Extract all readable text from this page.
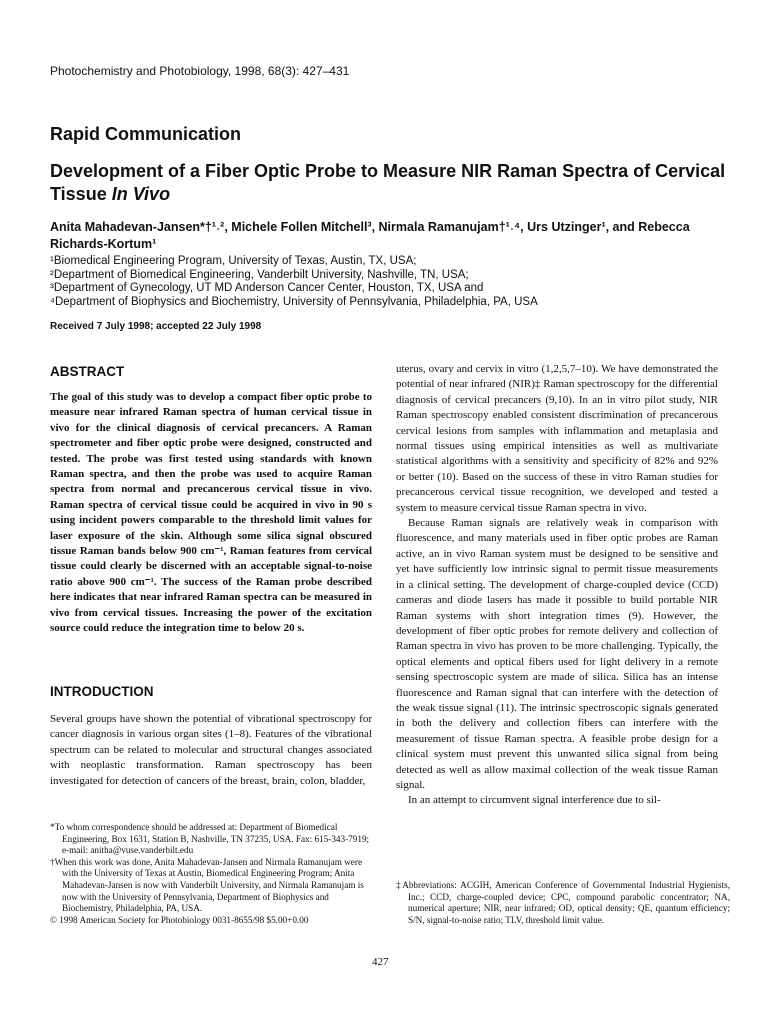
Photochemistry and Photobiology, 1998, 68(3): 427–431
Rapid Communication
Development of a Fiber Optic Probe to Measure NIR Raman Spectra of Cervical Tissue In Vivo
Anita Mahadevan-Jansen*†¹˒², Michele Follen Mitchell³, Nirmala Ramanujam†¹˒⁴, Urs Utzinger¹, and Rebecca Richards-Kortum¹
¹Biomedical Engineering Program, University of Texas, Austin, TX, USA;
²Department of Biomedical Engineering, Vanderbilt University, Nashville, TN, USA;
³Department of Gynecology, UT MD Anderson Cancer Center, Houston, TX, USA and
⁴Department of Biophysics and Biochemistry, University of Pennsylvania, Philadelphia, PA, USA
Received 7 July 1998; accepted 22 July 1998
ABSTRACT
The goal of this study was to develop a compact fiber optic probe to measure near infrared Raman spectra of human cervical tissue in vivo for the clinical diagnosis of cervical precancers. A Raman spectrometer and fiber optic probe were designed, constructed and tested. The probe was first tested using standards with known Raman spectra, and then the probe was used to acquire Raman spectra from normal and precancerous cervical tissue in vivo. Raman spectra of cervical tissue could be acquired in vivo in 90 s using incident powers comparable to the threshold limit values for laser exposure of the skin. Although some silica signal obscured tissue Raman bands below 900 cm⁻¹, Raman features from cervical tissue could clearly be discerned with an acceptable signal-to-noise ratio above 900 cm⁻¹. The success of the Raman probe described here indicates that near infrared Raman spectra can be measured in vivo from cervical tissues. Increasing the power of the excitation source could reduce the integration time to below 20 s.
INTRODUCTION
Several groups have shown the potential of vibrational spectroscopy for cancer diagnosis in various organ sites (1–8). Features of the vibrational spectrum can be related to molecular and structural changes associated with neoplastic transformation. Raman spectroscopy has been investigated for detection of cancers of the breast, brain, colon, bladder,

*To whom correspondence should be addressed at: Department of Biomedical Engineering, Box 1631, Station B, Nashville, TN 37235, USA. Fax: 615-343-7919; e-mail: anitha@vuse.vanderbilt.edu

†When this work was done, Anita Mahadevan-Jansen and Nirmala Ramanujam were with the University of Texas at Austin, Biomedical Engineering Program; Anita Mahadevan-Jansen is now with Vanderbilt University, and Nirmala Ramanujam is now with the University of Pennsylvania, Department of Biophysics and Biochemistry, Philadelphia, PA, USA.

© 1998 American Society for Photobiology 0031-8655/98 $5.00+0.00

uterus, ovary and cervix in vitro (1,2,5,7–10). We have demonstrated the potential of near infrared (NIR)‡ Raman spectroscopy for the differential diagnosis of cervical precancers (9,10). In an in vitro pilot study, NIR Raman spectroscopy enabled consistent discrimination of precancerous cervical lesions from samples with inflammation and metaplasia and normal tissues using empirical intensities as well as multivariate statistical algorithms with a sensitivity and specificity of 82% and 92% or better (10). Based on the success of these in vitro Raman studies for precancerous cervical tissue recognition, we developed and tested a system to measure cervical tissue Raman spectra in vivo.

Because Raman signals are relatively weak in comparison with fluorescence, and many materials used in fiber optic probes are Raman active, an in vivo Raman system must be designed to be sensitive and yet have sufficiently low intrinsic signal to permit tissue measurements in a clinical setting. The development of charge-coupled device (CCD) cameras and diode lasers has made it possible to build portable NIR Raman systems with short integration times (9). However, the development of fiber optic probes for remote delivery and collection of Raman spectra in vivo has proven to be more challenging. Typically, the optical elements and optical fibers used for light delivery in a remote sensing spectroscopic system are made of silica. Silica has an intense fluorescence and Raman signal that can interfere with the detection of the weak tissue signal (11). The intrinsic spectroscopic signals generated in both the delivery and collection fibers can interfere with the measurement of tissue Raman spectra. A feasible probe design for a clinical system must prevent this unwanted silica signal from being detected as well as allow maximal collection of the weak tissue Raman signal.

In an attempt to circumvent signal interference due to sil-

‡Abbreviations: ACGIH, American Conference of Governmental Industrial Hygienists, Inc.; CCD, charge-coupled device; CPC, compound parabolic concentrator; NA, numerical aperture; NIR, near infrared; OD, optical density; QE, quantum efficiency; S/N, signal-to-noise ratio; TLV, threshold limit value.
427
